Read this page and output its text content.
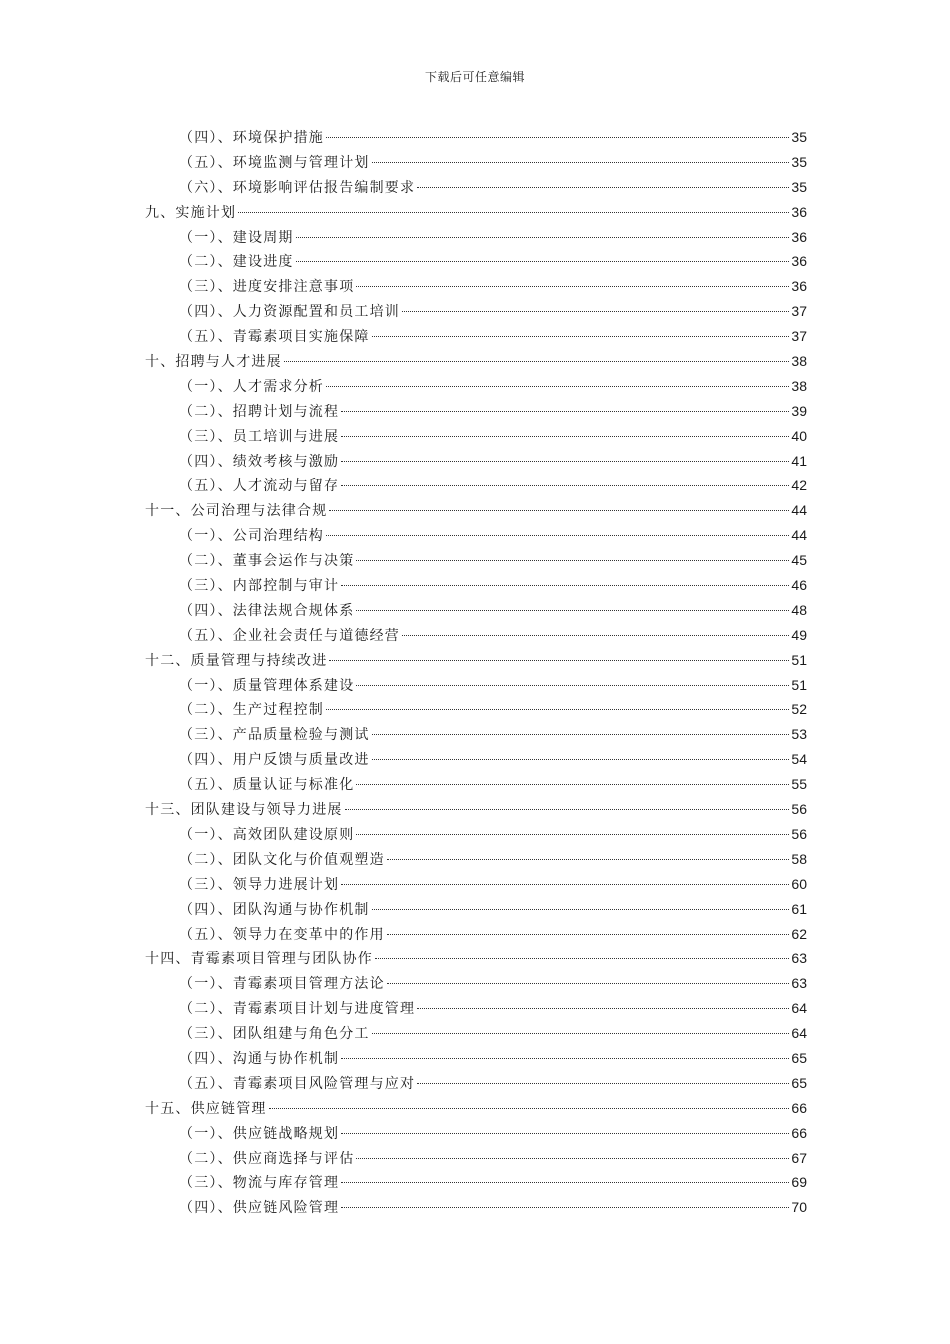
下载后可任意编辑
（四）、环境保护措施	35
（五）、环境监测与管理计划	35
（六）、环境影响评估报告编制要求	35
九、实施计划	36
（一）、建设周期	36
（二）、建设进度	36
（三）、进度安排注意事项	36
（四）、人力资源配置和员工培训	37
（五）、青霉素项目实施保障	37
十、招聘与人才进展	38
（一）、人才需求分析	38
（二）、招聘计划与流程	39
（三）、员工培训与进展	40
（四）、绩效考核与激励	41
（五）、人才流动与留存	42
十一、公司治理与法律合规	44
（一）、公司治理结构	44
（二）、董事会运作与决策	45
（三）、内部控制与审计	46
（四）、法律法规合规体系	48
（五）、企业社会责任与道德经营	49
十二、质量管理与持续改进	51
（一）、质量管理体系建设	51
（二）、生产过程控制	52
（三）、产品质量检验与测试	53
（四）、用户反馈与质量改进	54
（五）、质量认证与标准化	55
十三、团队建设与领导力进展	56
（一）、高效团队建设原则	56
（二）、团队文化与价值观塑造	58
（三）、领导力进展计划	60
（四）、团队沟通与协作机制	61
（五）、领导力在变革中的作用	62
十四、青霉素项目管理与团队协作	63
（一）、青霉素项目管理方法论	63
（二）、青霉素项目计划与进度管理	64
（三）、团队组建与角色分工	64
（四）、沟通与协作机制	65
（五）、青霉素项目风险管理与应对	65
十五、供应链管理	66
（一）、供应链战略规划	66
（二）、供应商选择与评估	67
（三）、物流与库存管理	69
（四）、供应链风险管理	70
